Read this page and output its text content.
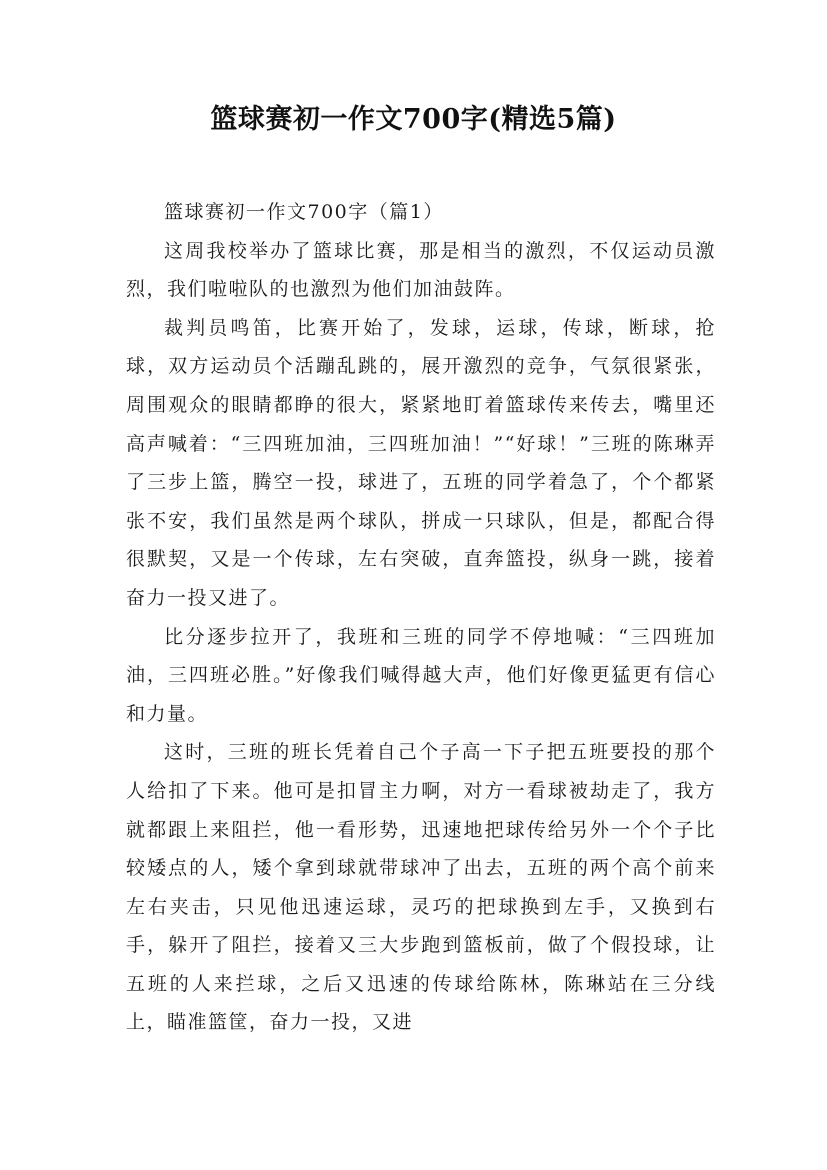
篮球赛初一作文700字(精选5篇)
篮球赛初一作文700字（篇1）

这周我校举办了篮球比赛，那是相当的激烈，不仅运动员激烈，我们啦啦队的也激烈为他们加油鼓阵。

裁判员鸣笛，比赛开始了，发球，运球，传球，断球，抢球，双方运动员个活蹦乱跳的，展开激烈的竞争，气氛很紧张，周围观众的眼睛都睁的很大，紧紧地盯着篮球传来传去，嘴里还高声喊着：“三四班加油，三四班加油！”“好球！”三班的陈琳弄了三步上篮，腾空一投，球进了，五班的同学着急了，个个都紧张不安，我们虽然是两个球队，拼成一只球队，但是，都配合得很默契，又是一个传球，左右突破，直奔篮投，纵身一跳，接着奋力一投又进了。

比分逐步拉开了，我班和三班的同学不停地喊：“三四班加油，三四班必胜。”好像我们喊得越大声，他们好像更猛更有信心和力量。

这时，三班的班长凭着自己个子高一下子把五班要投的那个人给扣了下来。他可是扣冒主力啊，对方一看球被劫走了，我方就都跟上来阻拦，他一看形势，迅速地把球传给另外一个个子比较矮点的人，矮个拿到球就带球冲了出去，五班的两个高个前来左右夹击，只见他迅速运球，灵巧的把球换到左手，又换到右手，躲开了阻拦，接着又三大步跑到篮板前，做了个假投球，让五班的人来拦球，之后又迅速的传球给陈林，陈琳站在三分线上，瞄准篮筐，奋力一投，又进
